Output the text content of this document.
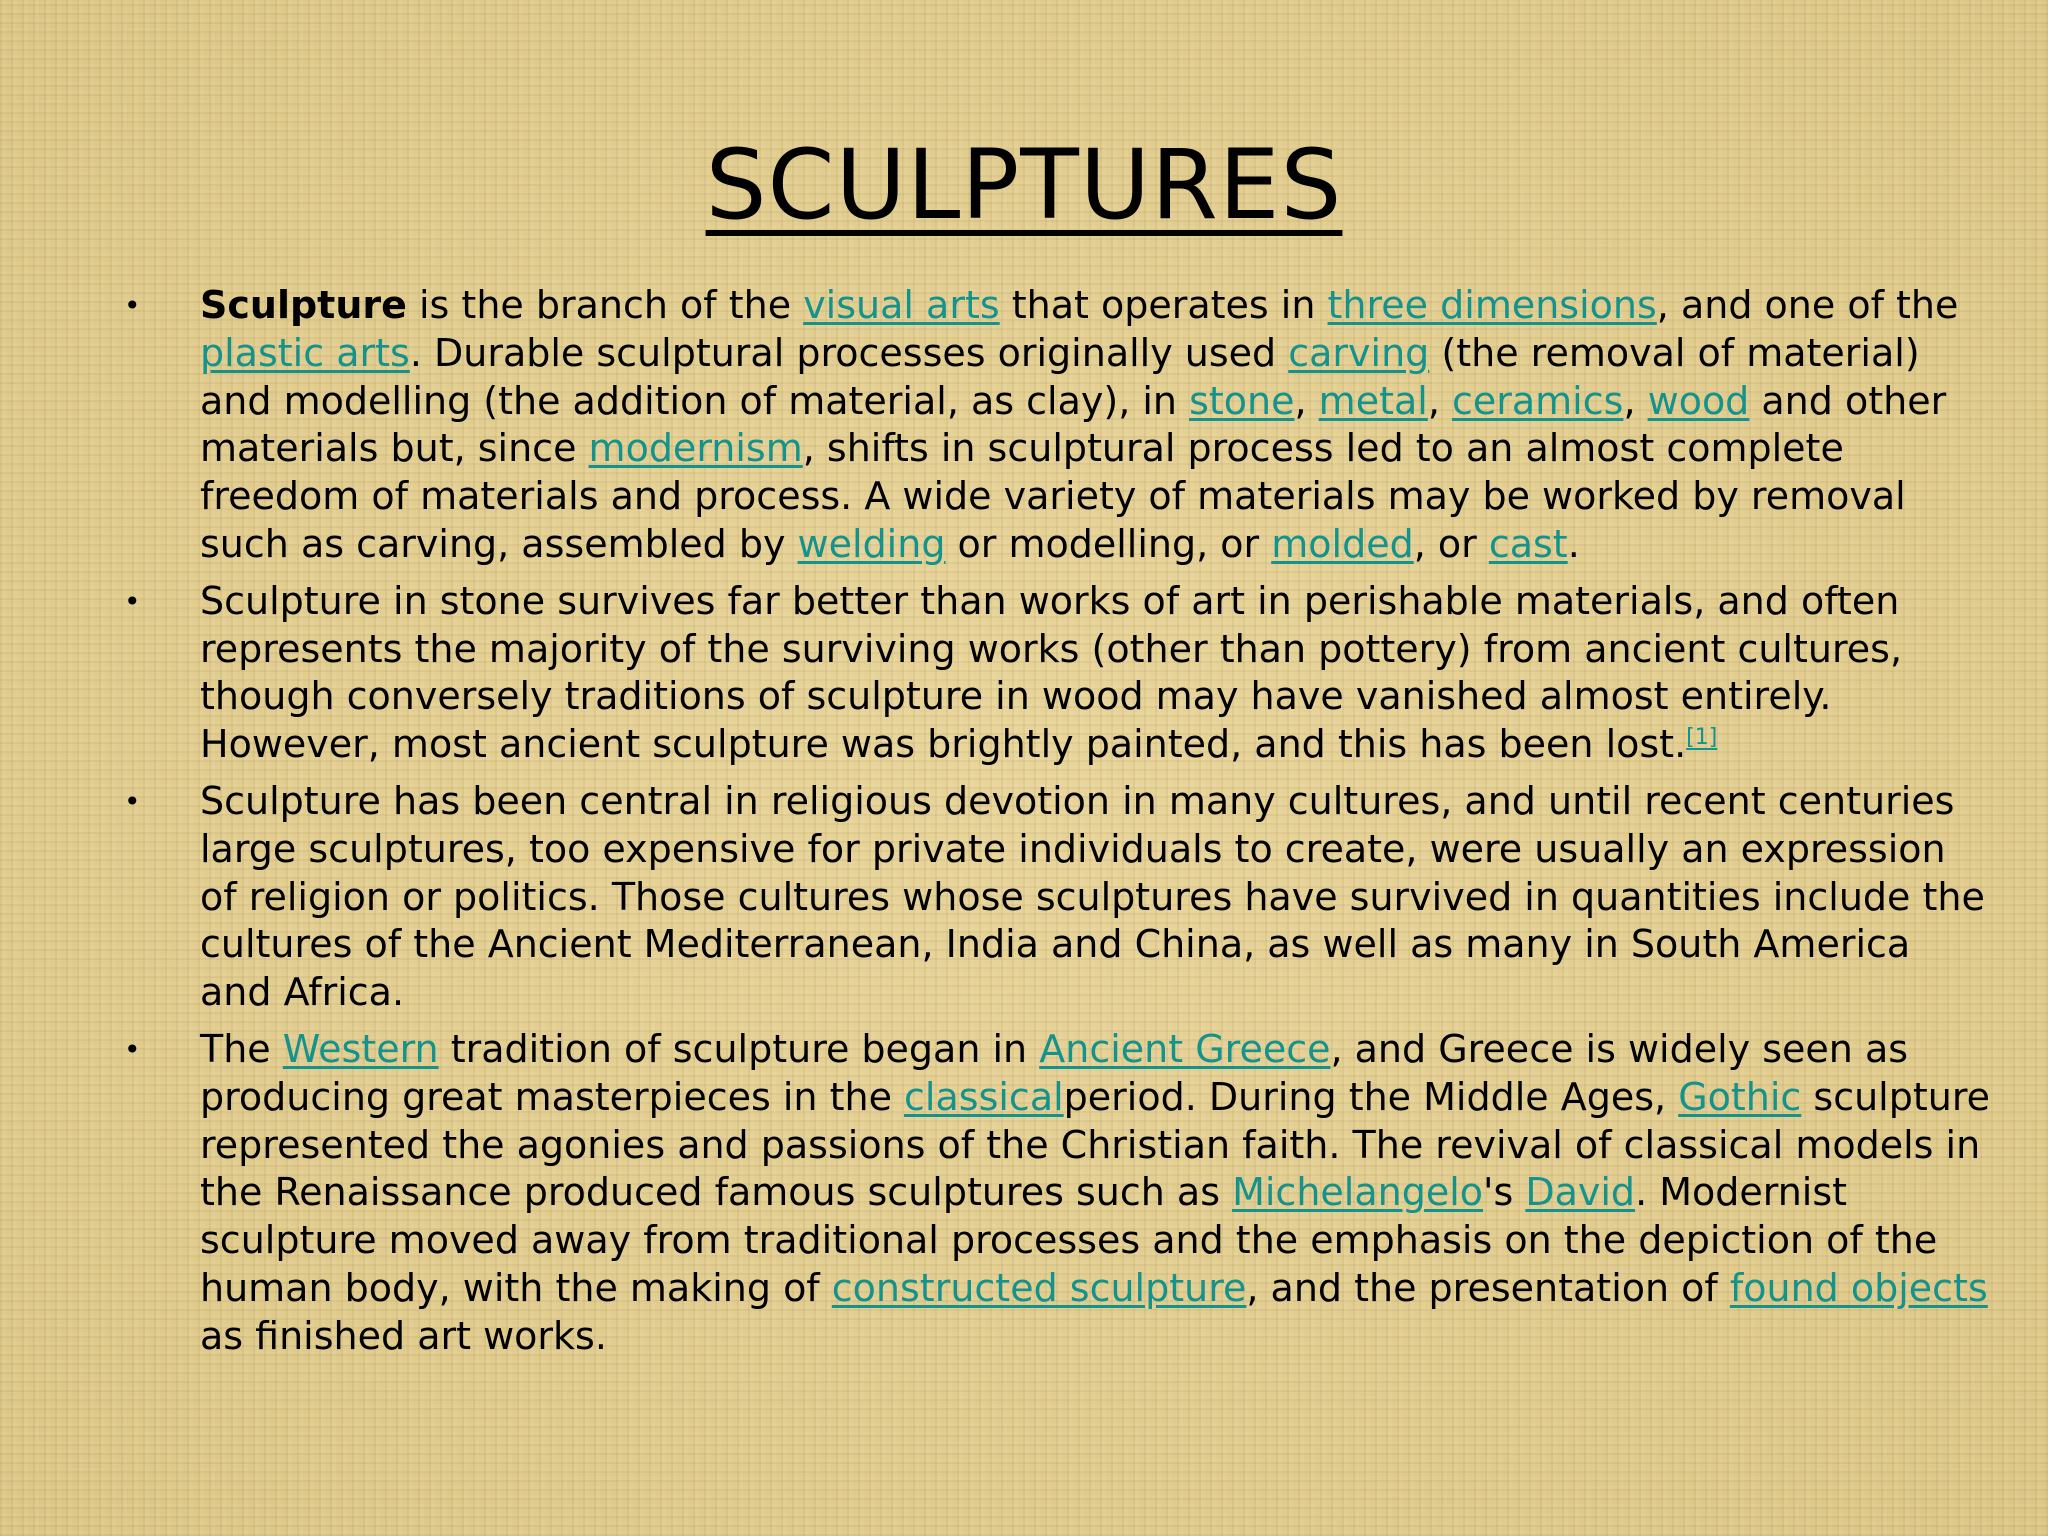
SCULPTURES
• Sculpture is the branch of the visual arts that operates in three dimensions, and one of the plastic arts. Durable sculptural processes originally used carving (the removal of material) and modelling (the addition of material, as clay), in stone, metal, ceramics, wood and other materials but, since modernism, shifts in sculptural process led to an almost complete freedom of materials and process. A wide variety of materials may be worked by removal such as carving, assembled by welding or modelling, or molded, or cast.
• Sculpture in stone survives far better than works of art in perishable materials, and often represents the majority of the surviving works (other than pottery) from ancient cultures, though conversely traditions of sculpture in wood may have vanished almost entirely. However, most ancient sculpture was brightly painted, and this has been lost.[1]
• Sculpture has been central in religious devotion in many cultures, and until recent centuries large sculptures, too expensive for private individuals to create, were usually an expression of religion or politics. Those cultures whose sculptures have survived in quantities include the cultures of the Ancient Mediterranean, India and China, as well as many in South America and Africa.
• The Western tradition of sculpture began in Ancient Greece, and Greece is widely seen as producing great masterpieces in the classicalperiod. During the Middle Ages, Gothic sculpture represented the agonies and passions of the Christian faith. The revival of classical models in the Renaissance produced famous sculptures such as Michelangelo's David. Modernist sculpture moved away from traditional processes and the emphasis on the depiction of the human body, with the making of constructed sculpture, and the presentation of found objects as finished art works.
